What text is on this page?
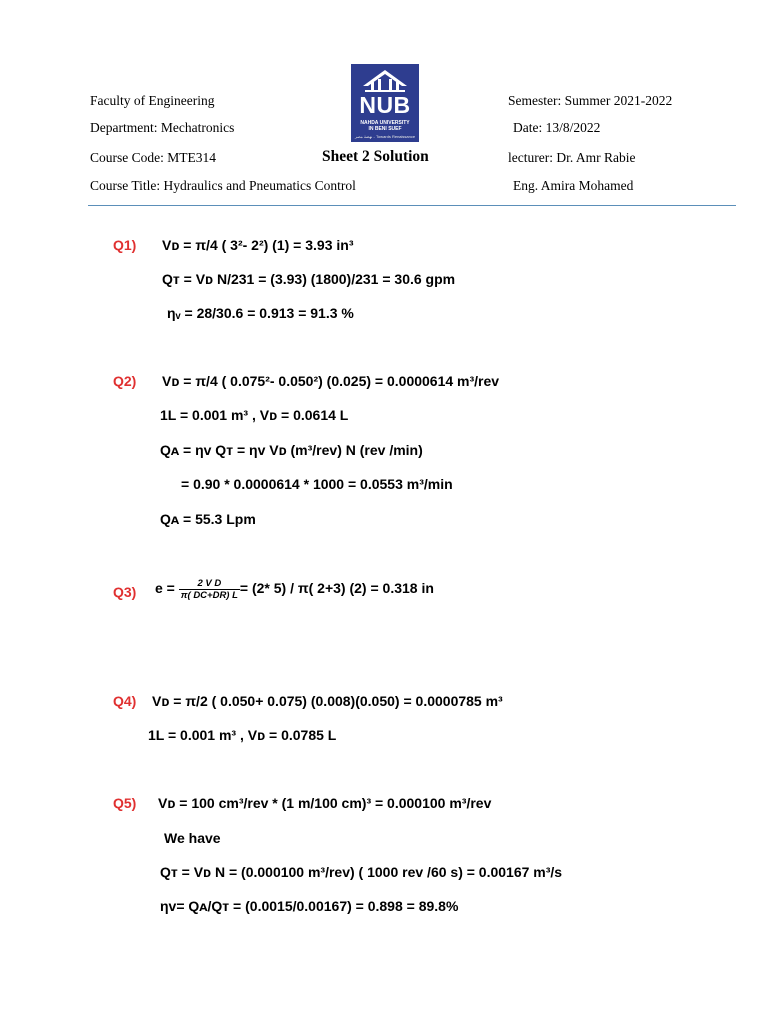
Faculty of Engineering
Department: Mechatronics
Course Code: MTE314
Course Title: Hydraulics and Pneumatics Control
Sheet 2 Solution
NUB
NAHDA UNIVERSITY
IN BENI SUEF
نهضة مصر - Towards Renaissance
Semester: Summer 2021-2022
Date: 13/8/2022
lecturer: Dr. Amr Rabie
Eng. Amira Mohamed
Q1) Vᴅ = π/4 ( 3²- 2²) (1) = 3.93 in³
Qᴛ = Vᴅ N/231 = (3.93) (1800)/231 = 30.6 gpm
ηᵥ = 28/30.6 = 0.913 = 91.3 %
Q2) Vᴅ = π/4 ( 0.075²- 0.050²) (0.025) = 0.0000614 m³/rev
1L = 0.001 m³ , Vᴅ = 0.0614 L
Qᴀ = ηᴠ Qᴛ = ηᴠ Vᴅ (m³/rev) N (rev /min)
= 0.90 * 0.0000614 * 1000 = 0.0553 m³/min
Qᴀ = 55.3 Lpm
Q3) $e = \frac{\text{2 V D}}{\pi( DC+DR) L} = (2*$ 5) / π( 2+3) (2) = 0.318 in
Q4) Vᴅ = π/2 ( 0.050+ 0.075) (0.008)(0.050) = 0.0000785 m³
1L = 0.001 m³ , Vᴅ = 0.0785 L
Q5) Vᴅ = 100 cm³/rev * (1 m/100 cm)³ = 0.000100 m³/rev
We have
Qᴛ = Vᴅ N = (0.000100 m³/rev) ( 1000 rev /60 s) = 0.00167 m³/s
ηᴠ= Qᴀ/Qᴛ = (0.0015/0.00167) = 0.898 = 89.8%
